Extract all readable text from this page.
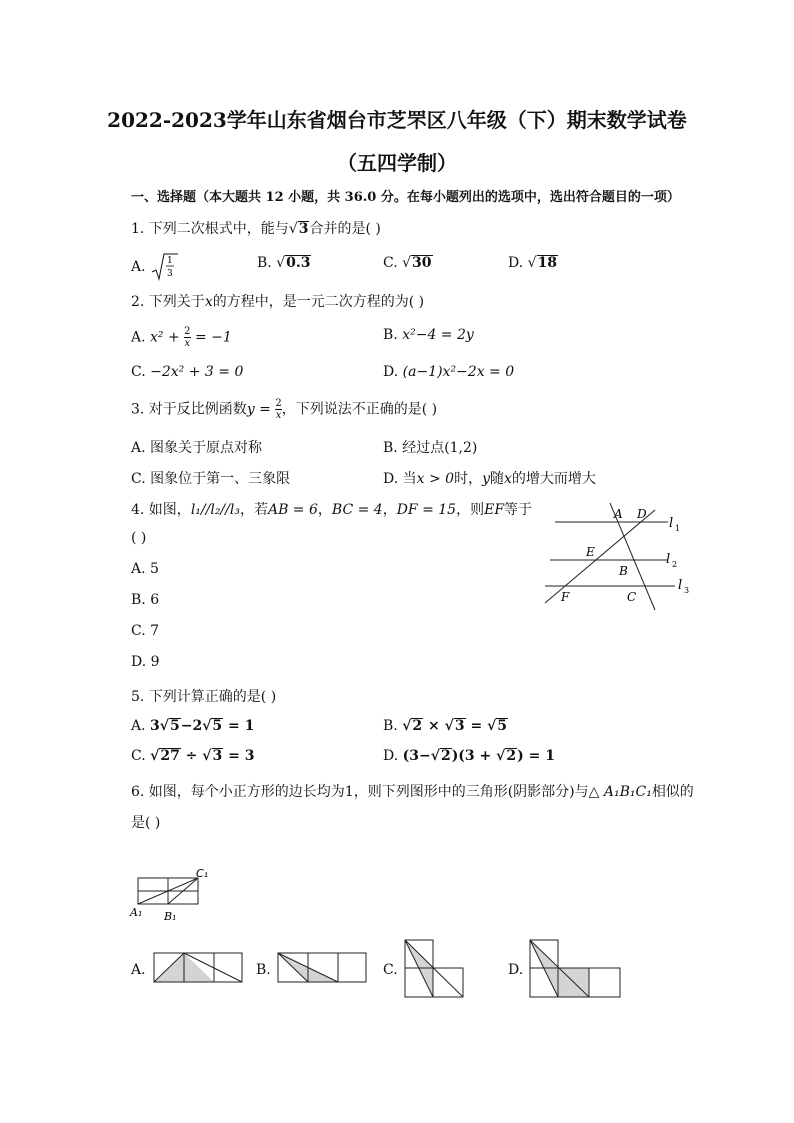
2022-2023学年山东省烟台市芝罘区八年级（下）期末数学试卷
（五四学制）
一、选择题（本大题共 12 小题，共 36.0 分。在每小题列出的选项中，选出符合题目的一项）
1. 下列二次根式中，能与√3合并的是( )
A. 1
3
B. √0.3	C. √30	D. √18
2. 下列关于x的方程中，是一元二次方程的为( )
A. $x^2 + \frac{2}{x} = -1$	B. x²−4 = 2y
C. −2x² + 3 = 0	D. (a−1)x²−2x = 0
3. 对于反比例函数$y = \frac{2}{x}$ ，下列说法不正确的是( )
A. 图象关于原点对称	B. 经过点(1,2)
C. 图象位于第一、三象限	D. 当x > 0时，y随x的增大而增大
4. 如图，l₁//l₂//l₃，若AB = 6，BC = 4，DF = 15，则EF等于
( )
A. 5
B. 6
C. 7
D. 9
A D
E
B
F	C
l 1
l 2
l 3
5. 下列计算正确的是( )
A. 3√5−2√5 = 1	B. √2 × √3 = √5
C. √27 ÷ √3 = 3	D. (3−√2)(3 + √2) = 1
6. 如图，每个小正方形的边长均为1，则下列图形中的三角形(阴影部分)与△ A₁B₁C₁相似的
是( )
C₁
A₁ B₁
A.	B.	C.	D.
